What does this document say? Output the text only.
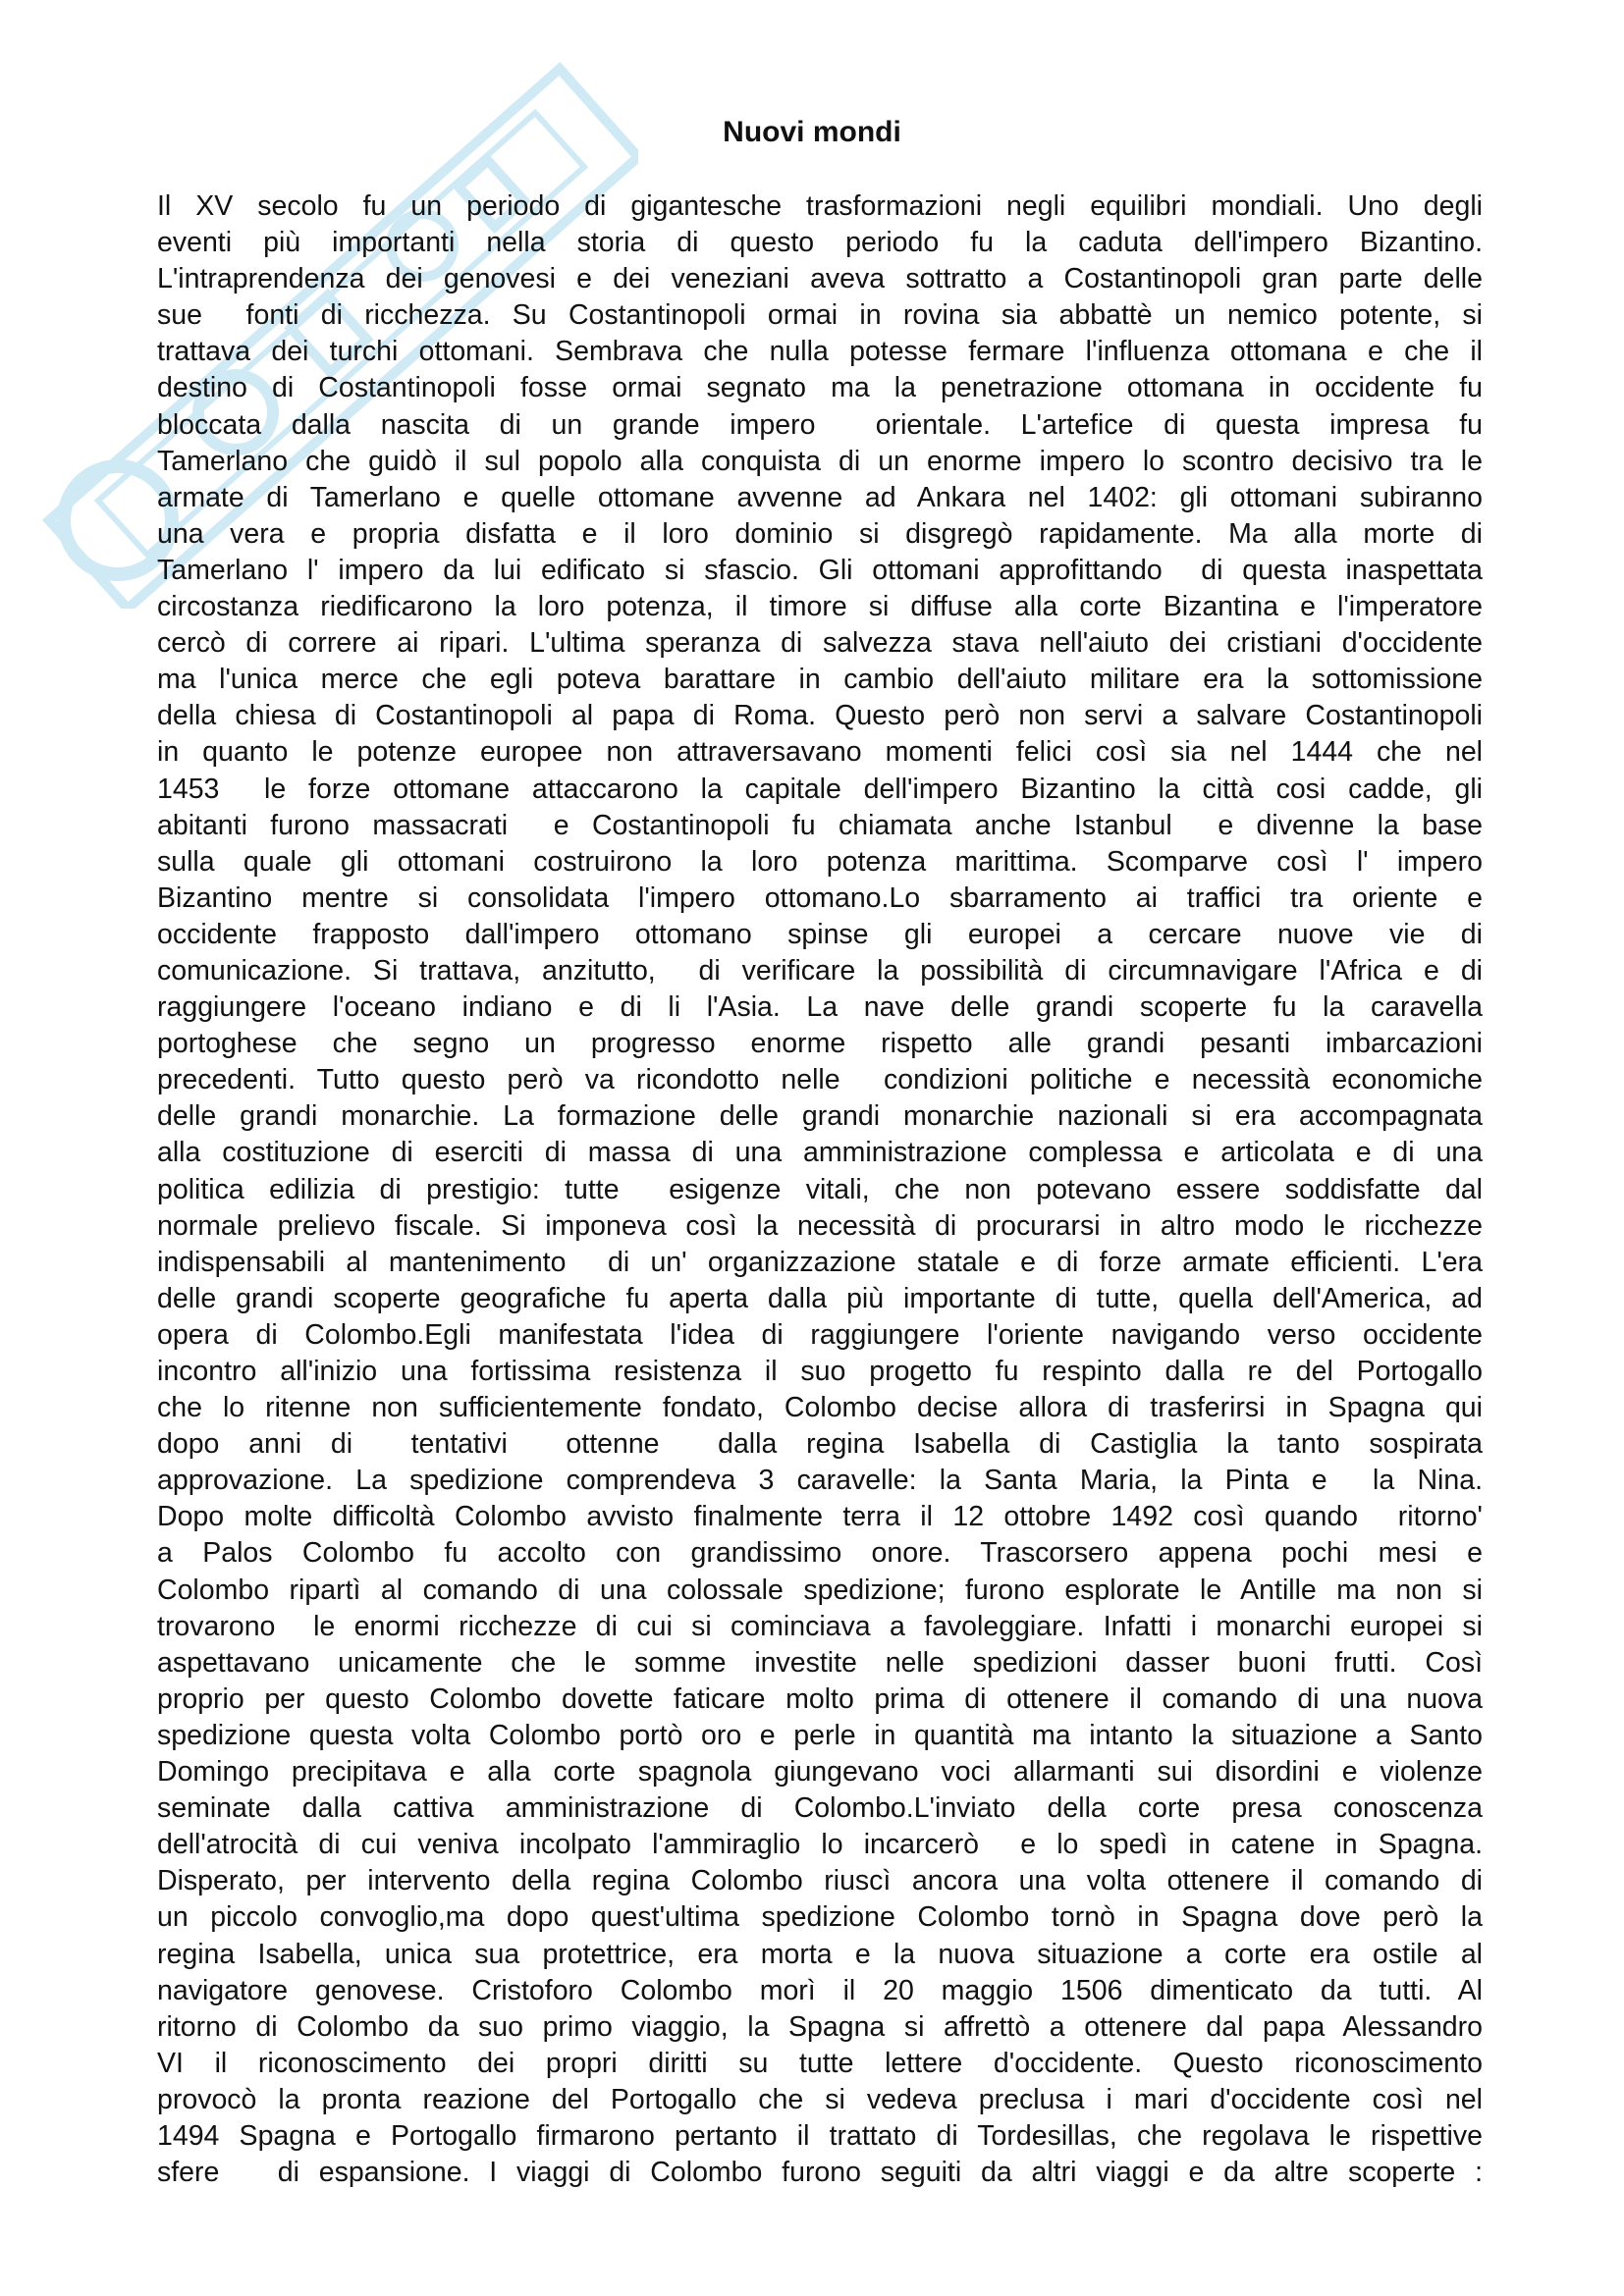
Nuovi mondi
Il XV secolo fu un periodo di gigantesche trasformazioni negli equilibri mondiali. Uno degli
eventi più importanti nella storia di questo periodo fu la caduta dell'impero Bizantino.
L'intraprendenza dei genovesi e dei veneziani aveva sottratto a Costantinopoli gran parte delle
sue  fonti di ricchezza. Su Costantinopoli ormai in rovina sia abbattè un nemico potente, si
trattava dei turchi ottomani. Sembrava che nulla potesse fermare l'influenza ottomana e che il
destino di Costantinopoli fosse ormai segnato ma la penetrazione ottomana in occidente fu
bloccata dalla nascita di un grande impero  orientale. L'artefice di questa impresa fu
Tamerlano che guidò il sul popolo alla conquista di un enorme impero lo scontro decisivo tra le
armate di Tamerlano e quelle ottomane avvenne ad Ankara nel 1402: gli ottomani subiranno
una vera e propria disfatta e il loro dominio si disgregò rapidamente. Ma alla morte di
Tamerlano l' impero da lui edificato si sfascio. Gli ottomani approfittando  di questa inaspettata
circostanza riedificarono la loro potenza, il timore si diffuse alla corte Bizantina e l'imperatore
cercò di correre ai ripari. L'ultima speranza di salvezza stava nell'aiuto dei cristiani d'occidente
ma l'unica merce che egli poteva barattare in cambio dell'aiuto militare era la sottomissione
della chiesa di Costantinopoli al papa di Roma. Questo però non servi a salvare Costantinopoli
in quanto le potenze europee non attraversavano momenti felici così sia nel 1444 che nel
1453  le forze ottomane attaccarono la capitale dell'impero Bizantino la città cosi cadde, gli
abitanti furono massacrati  e Costantinopoli fu chiamata anche Istanbul  e divenne la base
sulla quale gli ottomani costruirono la loro potenza marittima. Scomparve così l' impero
Bizantino mentre si consolidata l'impero ottomano.Lo sbarramento ai traffici tra oriente e
occidente frapposto dall'impero ottomano spinse gli europei a cercare nuove vie di
comunicazione. Si trattava, anzitutto,  di verificare la possibilità di circumnavigare l'Africa e di
raggiungere l'oceano indiano e di li l'Asia. La nave delle grandi scoperte fu la caravella
portoghese che segno un progresso enorme rispetto alle grandi pesanti imbarcazioni
precedenti. Tutto questo però va ricondotto nelle  condizioni politiche e necessità economiche
delle grandi monarchie. La formazione delle grandi monarchie nazionali si era accompagnata
alla costituzione di eserciti di massa di una amministrazione complessa e articolata e di una
politica edilizia di prestigio: tutte  esigenze vitali, che non potevano essere soddisfatte dal
normale prelievo fiscale. Si imponeva così la necessità di procurarsi in altro modo le ricchezze
indispensabili al mantenimento  di un' organizzazione statale e di forze armate efficienti. L'era
delle grandi scoperte geografiche fu aperta dalla più importante di tutte, quella dell'America, ad
opera di Colombo.Egli manifestata l'idea di raggiungere l'oriente navigando verso occidente
incontro all'inizio una fortissima resistenza il suo progetto fu respinto dalla re del Portogallo
che lo ritenne non sufficientemente fondato, Colombo decise allora di trasferirsi in Spagna qui
dopo anni di  tentativi  ottenne  dalla regina Isabella di Castiglia la tanto sospirata
approvazione. La spedizione comprendeva 3 caravelle: la Santa Maria, la Pinta e  la Nina.
Dopo molte difficoltà Colombo avvisto finalmente terra il 12 ottobre 1492 così quando  ritorno'
a Palos Colombo fu accolto con grandissimo onore. Trascorsero appena pochi mesi e
Colombo ripartì al comando di una colossale spedizione; furono esplorate le Antille ma non si
trovarono  le enormi ricchezze di cui si cominciava a favoleggiare. Infatti i monarchi europei si
aspettavano unicamente che le somme investite nelle spedizioni dasser buoni frutti. Così
proprio per questo Colombo dovette faticare molto prima di ottenere il comando di una nuova
spedizione questa volta Colombo portò oro e perle in quantità ma intanto la situazione a Santo
Domingo precipitava e alla corte spagnola giungevano voci allarmanti sui disordini e violenze
seminate dalla cattiva amministrazione di Colombo.L'inviato della corte presa conoscenza
dell'atrocità di cui veniva incolpato l'ammiraglio lo incarcerò  e lo spedì in catene in Spagna.
Disperato, per intervento della regina Colombo riuscì ancora una volta ottenere il comando di
un piccolo convoglio,ma dopo quest'ultima spedizione Colombo tornò in Spagna dove però la
regina Isabella, unica sua protettrice, era morta e la nuova situazione a corte era ostile al
navigatore genovese. Cristoforo Colombo morì il 20 maggio 1506 dimenticato da tutti. Al
ritorno di Colombo da suo primo viaggio, la Spagna si affrettò a ottenere dal papa Alessandro
VI il riconoscimento dei propri diritti su tutte lettere d'occidente. Questo riconoscimento
provocò la pronta reazione del Portogallo che si vedeva preclusa i mari d'occidente così nel
1494 Spagna e Portogallo firmarono pertanto il trattato di Tordesillas, che regolava le rispettive
sfere   di espansione. I viaggi di Colombo furono seguiti da altri viaggi e da altre scoperte :
